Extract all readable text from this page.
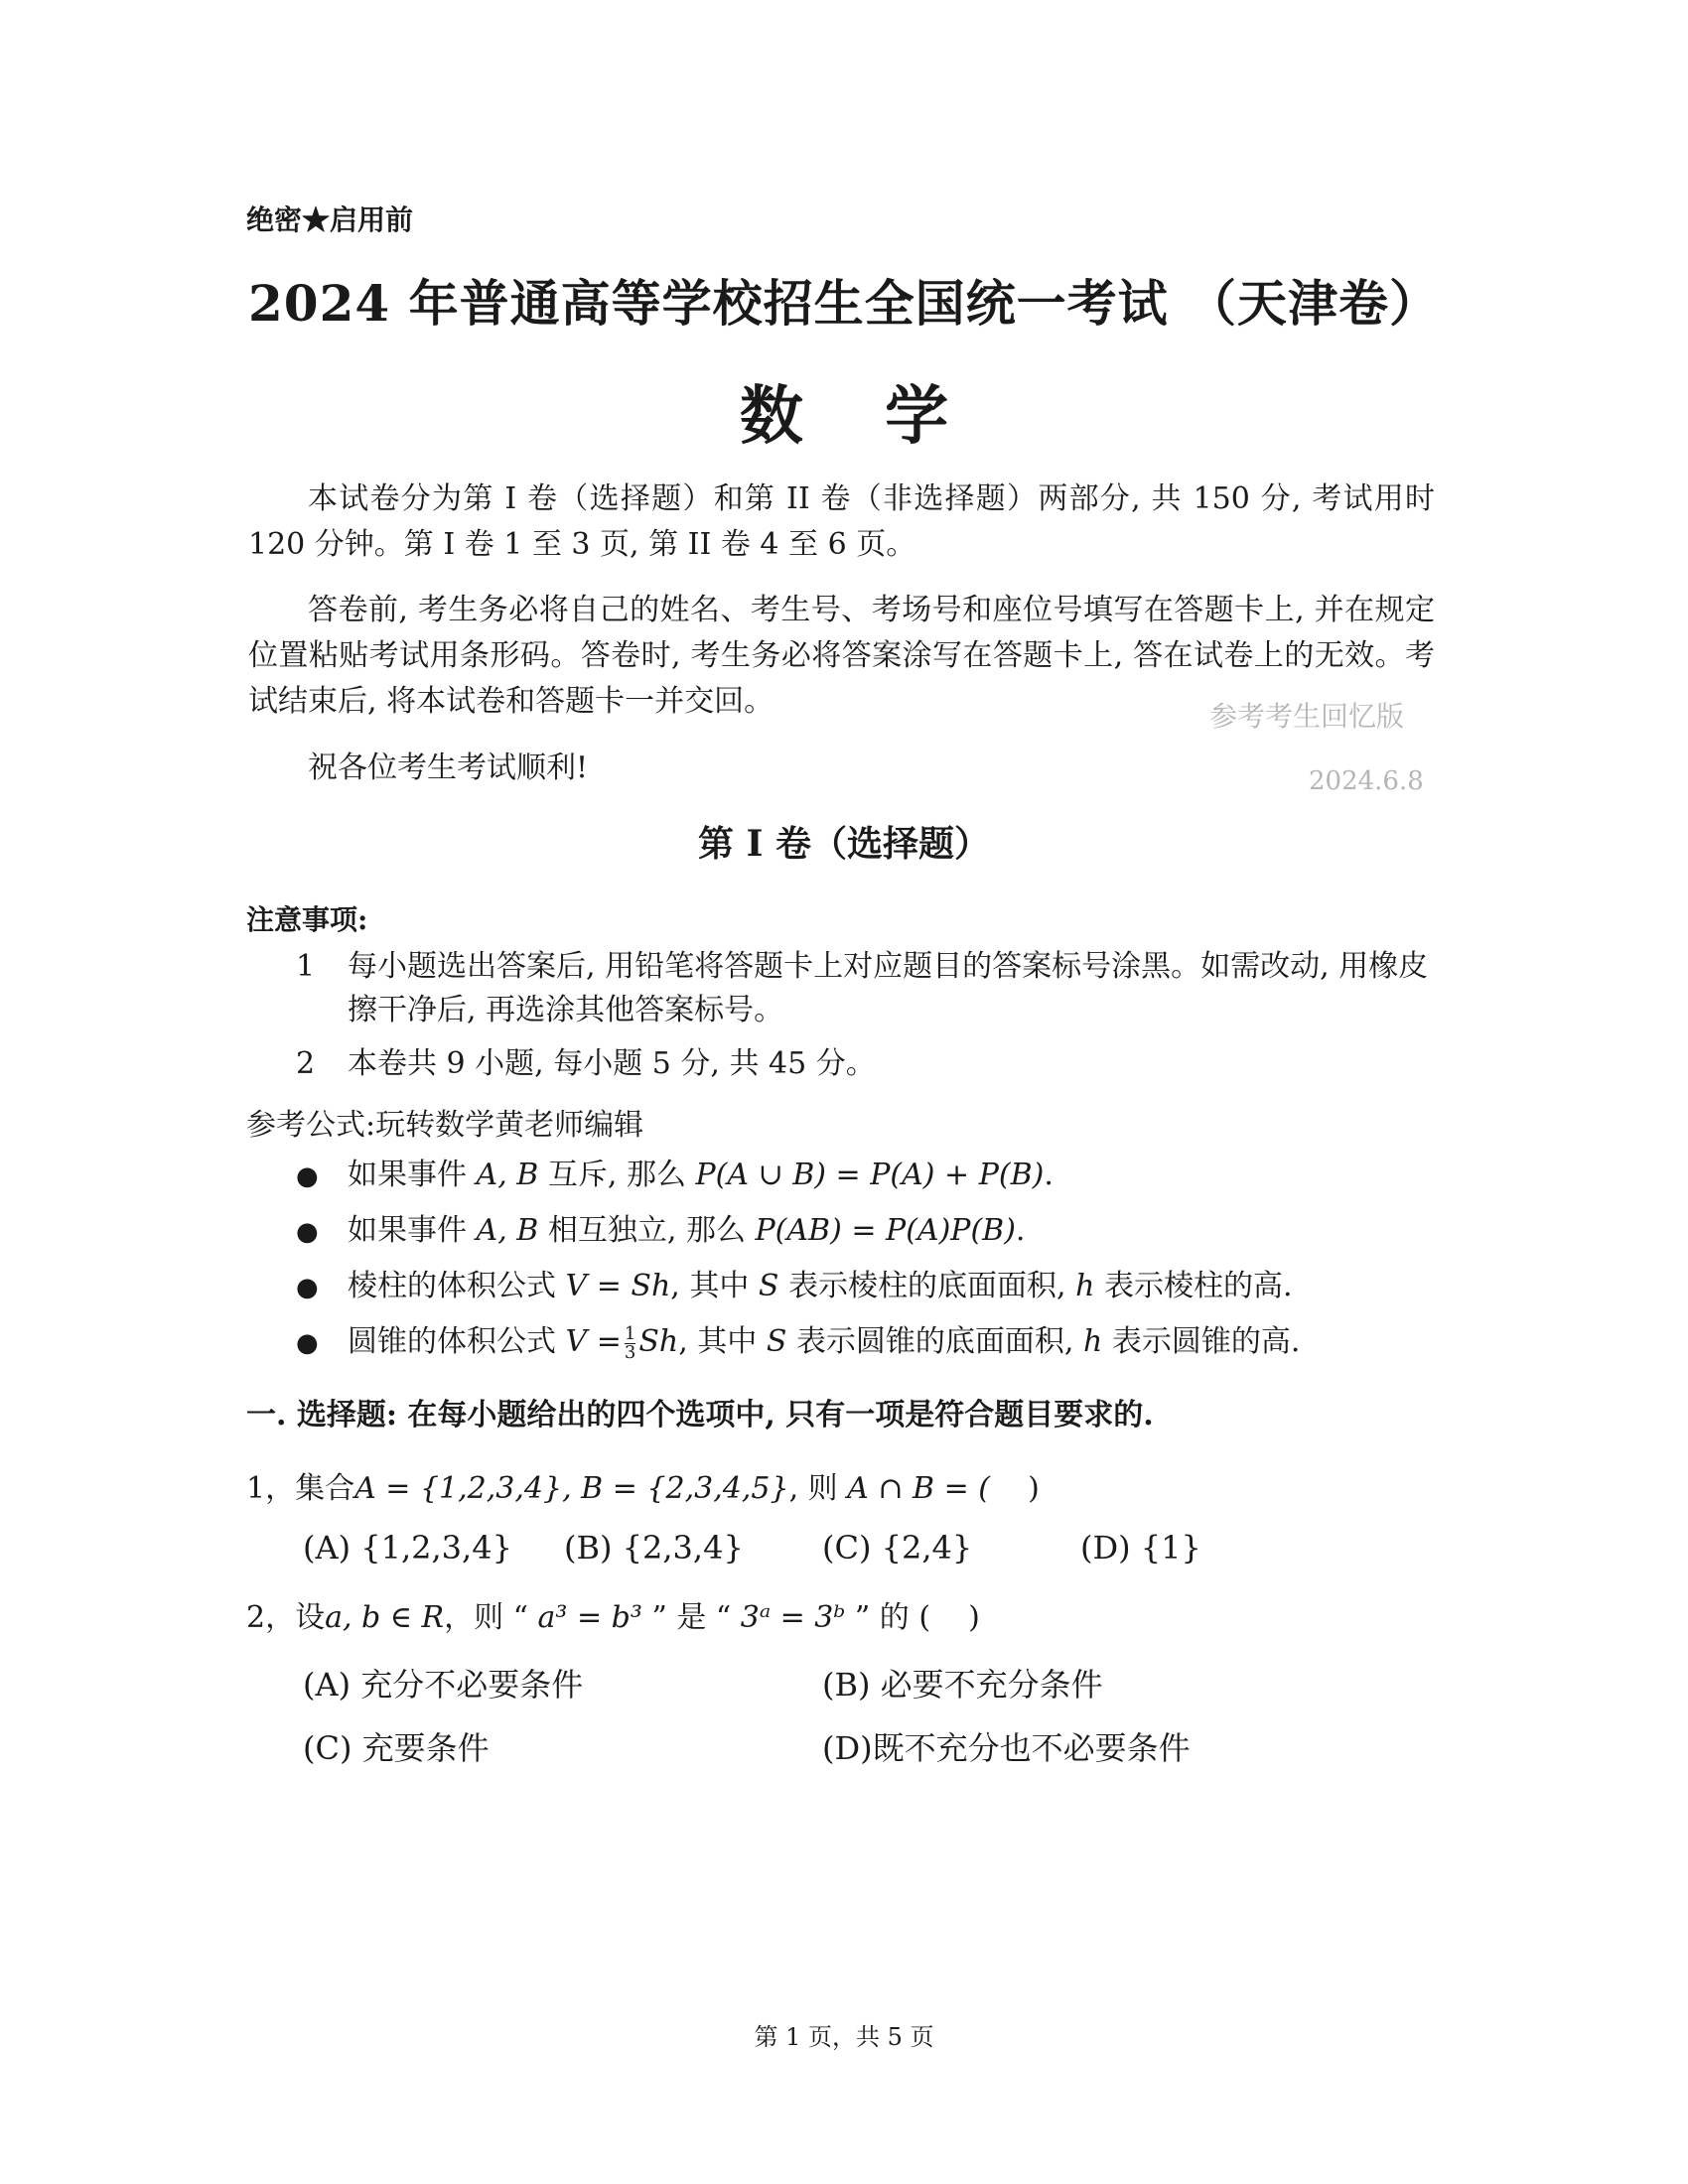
绝密★启用前
2024 年普通高等学校招生全国统一考试 （天津卷）
数 学
本试卷分为第 I 卷（选择题）和第 II 卷（非选择题）两部分, 共 150 分, 考试用时 120 分钟。第 I 卷 1 至 3 页, 第 II 卷 4 至 6 页。
答卷前, 考生务必将自己的姓名、考生号、考场号和座位号填写在答题卡上, 并在规定位置粘贴考试用条形码。答卷时, 考生务必将答案涂写在答题卡上, 答在试卷上的无效。考试结束后, 将本试卷和答题卡一并交回。	参考考生回忆版
祝各位考生考试顺利!	2024.6.8
第 I 卷（选择题）
注意事项:
1 每小题选出答案后, 用铅笔将答题卡上对应题目的答案标号涂黑。如需改动, 用橡皮擦干净后, 再选涂其他答案标号。
2 本卷共 9 小题, 每小题 5 分, 共 45 分。
参考公式:玩转数学黄老师编辑
● 如果事件 A, B 互斥, 那么 P(A ∪ B) = P(A) + P(B).
● 如果事件 A, B 相互独立, 那么 P(AB) = P(A)P(B).
● 棱柱的体积公式 V = Sh, 其中 S 表示棱柱的底面面积, h 表示棱柱的高.
● 圆锥的体积公式 $V = \frac{1}{3} Sh$, 其中 S 表示圆锥的底面面积, h 表示圆锥的高.
一. 选择题: 在每小题给出的四个选项中, 只有一项是符合题目要求的.
1，集合A = {1,2,3,4}, B = {2,3,4,5}, 则 A ∩ B = (    )
(A) {1,2,3,4} (B) {2,3,4} (C) {2,4}	(D) {1}
2，设a, b ∈ R，则 “ a³ = b³ ” 是 “ 3ᵃ = 3ᵇ ” 的 (    )
(A) 充分不必要条件	(B) 必要不充分条件
(C) 充要条件	(D)既不充分也不必要条件
第 1 页，共 5 页
